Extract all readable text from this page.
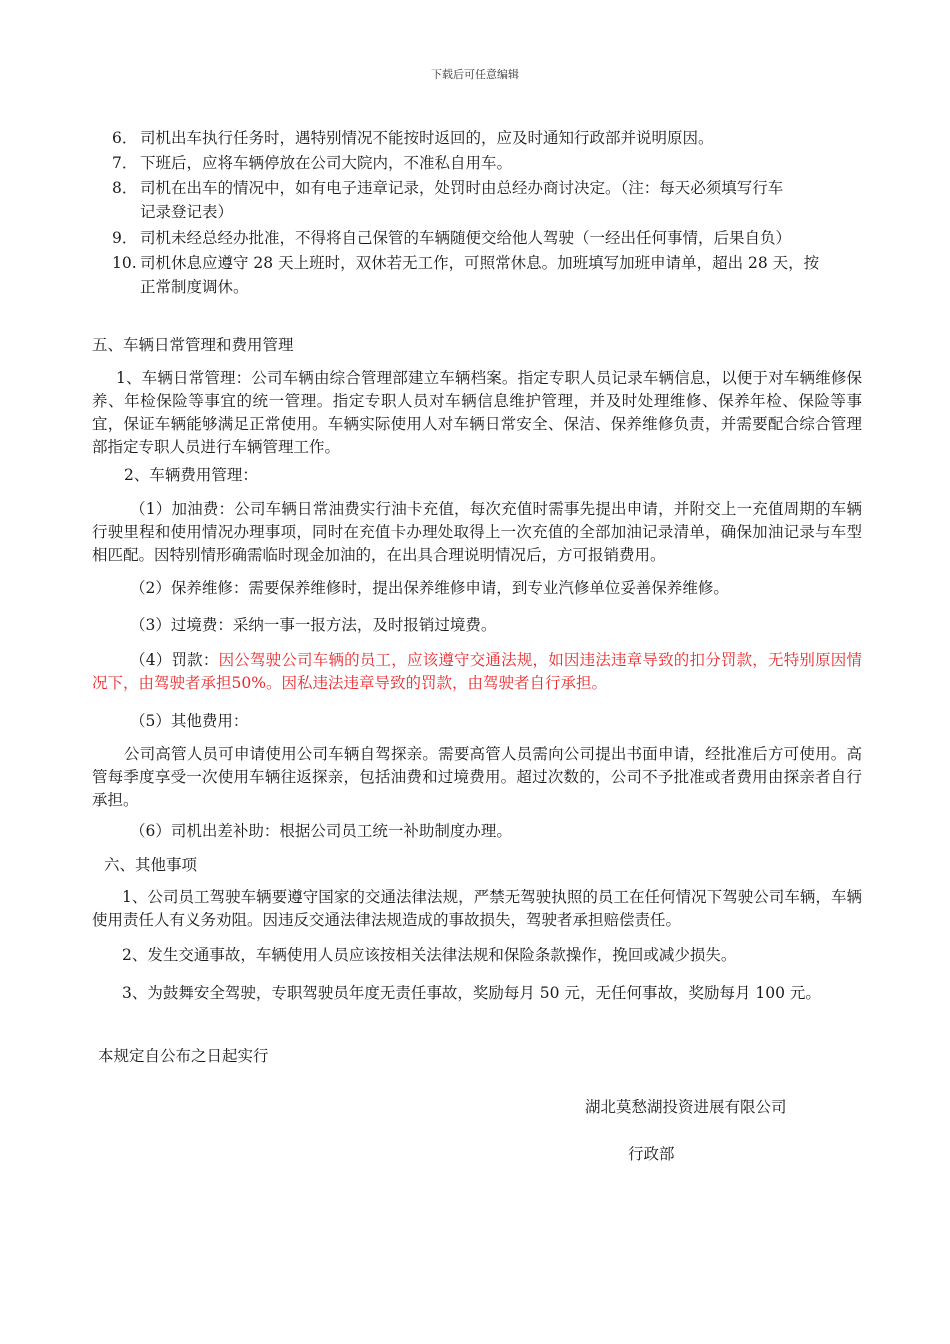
下载后可任意编辑
6． 司机出车执行任务时，遇特别情况不能按时返回的，应及时通知行政部并说明原因。
7． 下班后，应将车辆停放在公司大院内，不准私自用车。
8． 司机在出车的情况中，如有电子违章记录，处罚时由总经办商讨决定。（注：每天必须填写行车
记录登记表）
9． 司机未经总经办批准，不得将自己保管的车辆随便交给他人驾驶（一经出任何事情，后果自负）
10. 司机休息应遵守 28 天上班时，双休若无工作，可照常休息。加班填写加班申请单，超出 28 天，按
正常制度调休。
五、车辆日常管理和费用管理
1、车辆日常管理：公司车辆由综合管理部建立车辆档案。指定专职人员记录车辆信息，以便于对车辆维修保养、年检保险等事宜的统一管理。指定专职人员对车辆信息维护管理，并及时处理维修、保养年检、保险等事宜，保证车辆能够满足正常使用。车辆实际使用人对车辆日常安全、保洁、保养维修负责，并需要配合综合管理部指定专职人员进行车辆管理工作。
2、车辆费用管理：
（1）加油费：公司车辆日常油费实行油卡充值，每次充值时需事先提出申请，并附交上一充值周期的车辆行驶里程和使用情况办理事项，同时在充值卡办理处取得上一次充值的全部加油记录清单，确保加油记录与车型相匹配。因特别情形确需临时现金加油的，在出具合理说明情况后，方可报销费用。
（2）保养维修：需要保养维修时，提出保养维修申请，到专业汽修单位妥善保养维修。
（3）过境费：采纳一事一报方法，及时报销过境费。
（4）罚款：因公驾驶公司车辆的员工，应该遵守交通法规，如因违法违章导致的扣分罚款，无特别原因情况下，由驾驶者承担50%。因私违法违章导致的罚款，由驾驶者自行承担。
（5）其他费用：
公司高管人员可申请使用公司车辆自驾探亲。需要高管人员需向公司提出书面申请，经批准后方可使用。高管每季度享受一次使用车辆往返探亲，包括油费和过境费用。超过次数的，公司不予批准或者费用由探亲者自行承担。
（6）司机出差补助：根据公司员工统一补助制度办理。
六、其他事项
1、公司员工驾驶车辆要遵守国家的交通法律法规，严禁无驾驶执照的员工在任何情况下驾驶公司车辆，车辆使用责任人有义务劝阻。因违反交通法律法规造成的事故损失，驾驶者承担赔偿责任。
2、发生交通事故，车辆使用人员应该按相关法律法规和保险条款操作，挽回或减少损失。
3、为鼓舞安全驾驶，专职驾驶员年度无责任事故，奖励每月 50 元，无任何事故，奖励每月 100 元。
本规定自公布之日起实行
湖北莫愁湖投资进展有限公司
行政部
